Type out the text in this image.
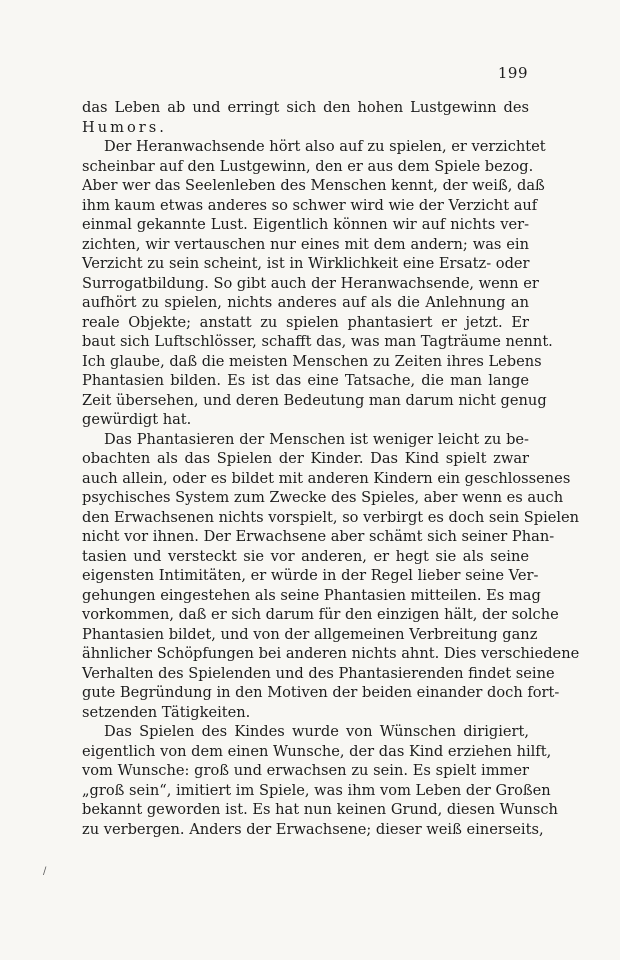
199
das Leben ab und erringt sich den hohen Lustgewinn des
Humors.
Der Heranwachsende hört also auf zu spielen, er verzichtet
scheinbar auf den Lustgewinn, den er aus dem Spiele bezog.
Aber wer das Seelenleben des Menschen kennt, der weiß, daß
ihm kaum etwas anderes so schwer wird wie der Verzicht auf
einmal gekannte Lust. Eigentlich können wir auf nichts ver-
zichten, wir vertauschen nur eines mit dem andern; was ein
Verzicht zu sein scheint, ist in Wirklichkeit eine Ersatz- oder
Surrogatbildung. So gibt auch der Heranwachsende, wenn er
aufhört zu spielen, nichts anderes auf als die Anlehnung an
reale Objekte; anstatt zu spielen phantasiert er jetzt. Er
baut sich Luftschlösser, schafft das, was man Tagträume nennt.
Ich glaube, daß die meisten Menschen zu Zeiten ihres Lebens
Phantasien bilden. Es ist das eine Tatsache, die man lange
Zeit übersehen, und deren Bedeutung man darum nicht genug
gewürdigt hat.
Das Phantasieren der Menschen ist weniger leicht zu be-
obachten als das Spielen der Kinder. Das Kind spielt zwar
auch allein, oder es bildet mit anderen Kindern ein geschlossenes
psychisches System zum Zwecke des Spieles, aber wenn es auch
den Erwachsenen nichts vorspielt, so verbirgt es doch sein Spielen
nicht vor ihnen. Der Erwachsene aber schämt sich seiner Phan-
tasien und versteckt sie vor anderen, er hegt sie als seine
eigensten Intimitäten, er würde in der Regel lieber seine Ver-
gehungen eingestehen als seine Phantasien mitteilen. Es mag
vorkommen, daß er sich darum für den einzigen hält, der solche
Phantasien bildet, und von der allgemeinen Verbreitung ganz
ähnlicher Schöpfungen bei anderen nichts ahnt. Dies verschiedene
Verhalten des Spielenden und des Phantasierenden findet seine
gute Begründung in den Motiven der beiden einander doch fort-
setzenden Tätigkeiten.
Das Spielen des Kindes wurde von Wünschen dirigiert,
eigentlich von dem einen Wunsche, der das Kind erziehen hilft,
vom Wunsche: groß und erwachsen zu sein. Es spielt immer
„groß sein“, imitiert im Spiele, was ihm vom Leben der Großen
bekannt geworden ist. Es hat nun keinen Grund, diesen Wunsch
zu verbergen. Anders der Erwachsene; dieser weiß einerseits,
/
